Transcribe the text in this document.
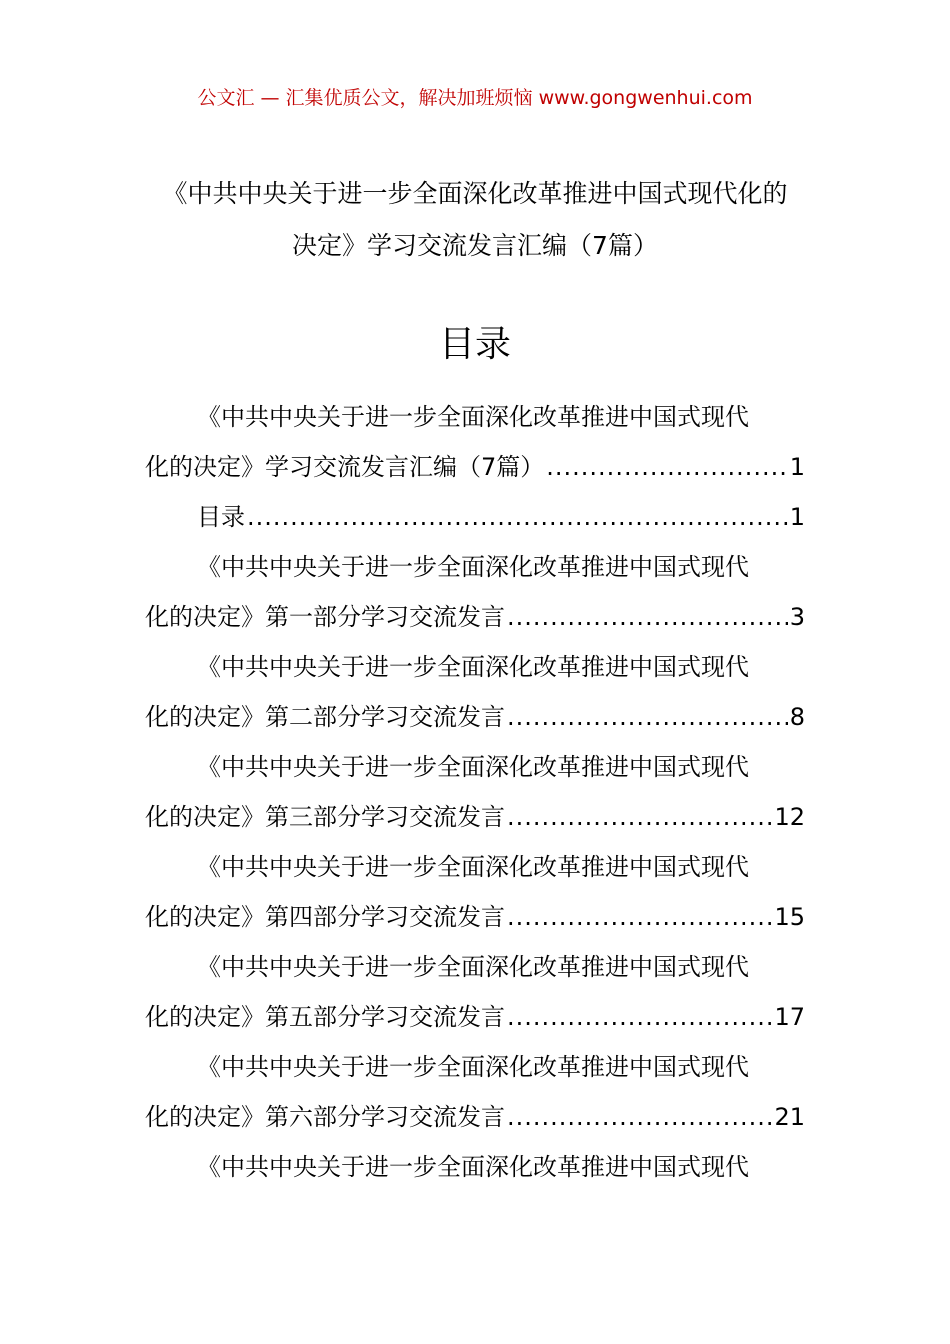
公文汇 — 汇集优质公文，解决加班烦恼 www.gongwenhui.com
《中共中央关于进一步全面深化改革推进中国式现代化的
决定》学习交流发言汇编（7篇）
目录
《中共中央关于进一步全面深化改革推进中国式现代
化的决定》学习交流发言汇编（7篇） .....	1
目录 .....	1
《中共中央关于进一步全面深化改革推进中国式现代
化的决定》第一部分学习交流发言 .....	3
《中共中央关于进一步全面深化改革推进中国式现代
化的决定》第二部分学习交流发言 .....	8
《中共中央关于进一步全面深化改革推进中国式现代
化的决定》第三部分学习交流发言 .....	12
《中共中央关于进一步全面深化改革推进中国式现代
化的决定》第四部分学习交流发言 .....	15
《中共中央关于进一步全面深化改革推进中国式现代
化的决定》第五部分学习交流发言 .....	17
《中共中央关于进一步全面深化改革推进中国式现代
化的决定》第六部分学习交流发言 .....	21
《中共中央关于进一步全面深化改革推进中国式现代
